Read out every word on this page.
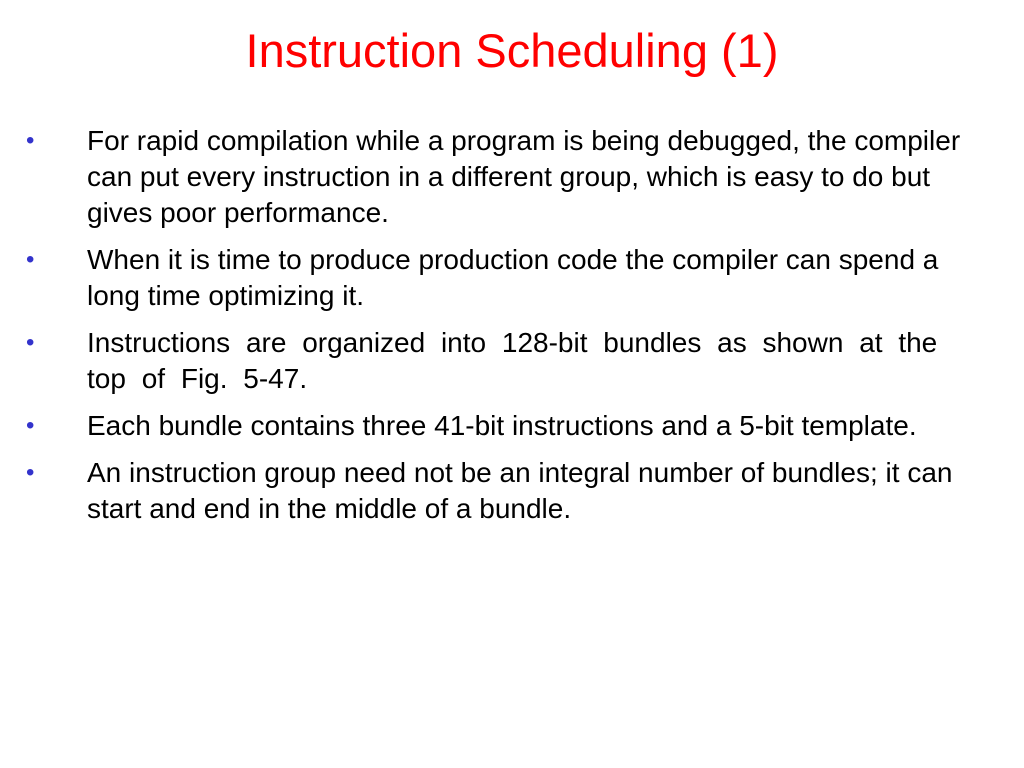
Instruction Scheduling (1)
•	For rapid compilation while a program is being debugged, the compiler can put every instruction in a different group, which is easy to do but gives poor performance.
•	When it is time to produce production code the compiler can spend a long time optimizing it.
•	Instructions are organized into 128-bit bundles as shown at the top of Fig. 5-47.
•	Each bundle contains three 41-bit instructions and a 5-bit template.
•	An instruction group need not be an integral number of bundles; it can start and end in the middle of a bundle.
